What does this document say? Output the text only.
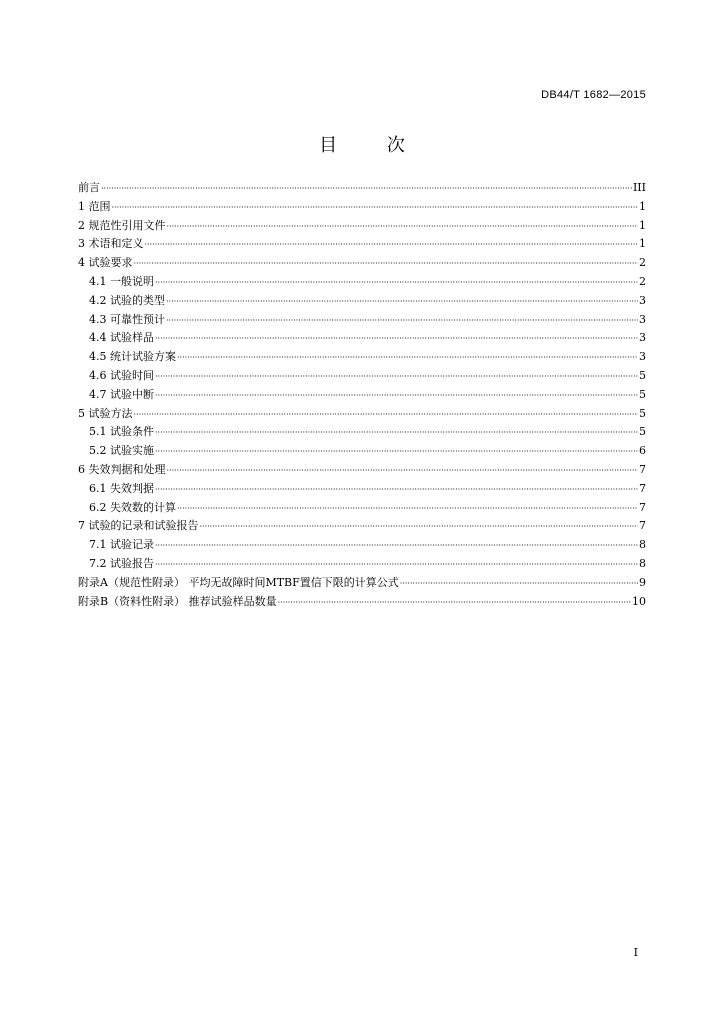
DB44/T 1682—2015
目	次
前言 ·····	III
1 范围 ·····	1
2 规范性引用文件 ·····	1
3 术语和定义 ·····	1
4 试验要求 ·····	2
4.1 一般说明 ·····	2
4.2 试验的类型 ·····	3
4.3 可靠性预计 ·····	3
4.4 试验样品 ·····	3
4.5 统计试验方案 ·····	3
4.6 试验时间 ·····	5
4.7 试验中断 ·····	5
5 试验方法 ·····	5
5.1 试验条件 ·····	5
5.2 试验实施 ·····	6
6 失效判据和处理 ·····	7
6.1 失效判据 ·····	7
6.2 失效数的计算 ·····	7
7 试验的记录和试验报告 ·····	7
7.1 试验记录 ·····	8
7.2 试验报告 ·····	8
附录A（规范性附录） 平均无故障时间MTBF置信下限的计算公式 ·····	9
附录B（资料性附录） 推荐试验样品数量 ·····	10
I
